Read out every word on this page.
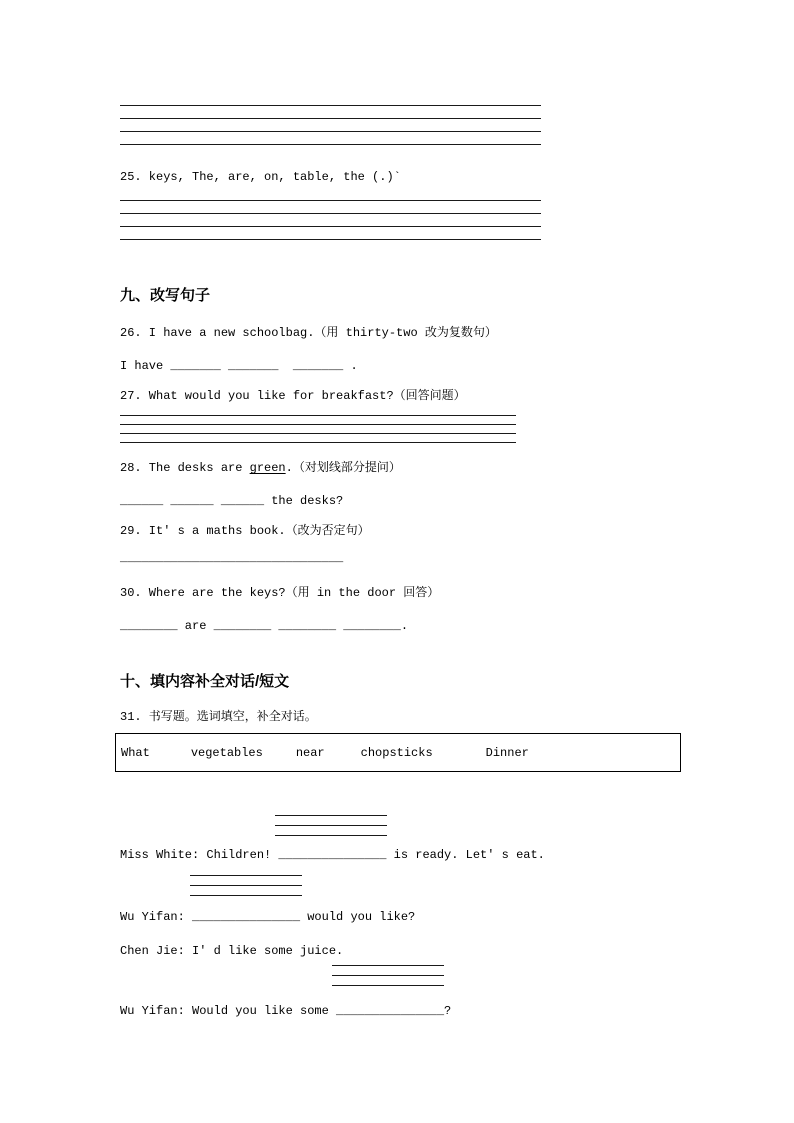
25. keys, The, are, on, table, the (.)`
九、改写句子
26. I have a new schoolbag.（用 thirty-two 改为复数句）
I have _______ _______  _______ .
27. What would you like for breakfast?（回答问题）
28. The desks are green.（对划线部分提问）
______ ______ ______ the desks?
29. It' s a maths book.（改为否定句）
_______________________________
30. Where are the keys?（用 in the door 回答）
________ are ________ ________ ________.
十、填内容补全对话/短文
31. 书写题。选词填空，补全对话。
What	vegetables	near	chopsticks	Dinner
Miss White: Children! _______________ is ready. Let' s eat.
Wu Yifan: _______________ would you like?
Chen Jie: I' d like some juice.
Wu Yifan: Would you like some _______________?
